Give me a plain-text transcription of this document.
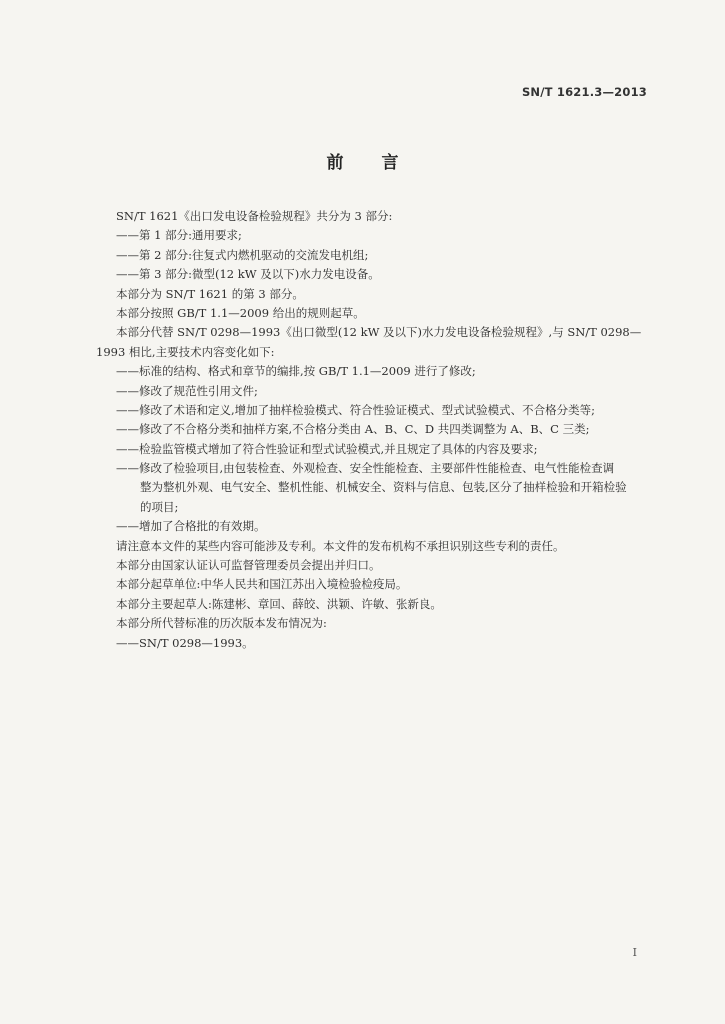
SN/T 1621.3—2013
前言
SN/T 1621《出口发电设备检验规程》共分为 3 部分:
——第 1 部分:通用要求;
——第 2 部分:往复式内燃机驱动的交流发电机组;
——第 3 部分:微型(12 kW 及以下)水力发电设备。
本部分为 SN/T 1621 的第 3 部分。
本部分按照 GB/T 1.1—2009 给出的规则起草。
本部分代替 SN/T 0298—1993《出口微型(12 kW 及以下)水力发电设备检验规程》,与 SN/T 0298—
1993 相比,主要技术内容变化如下:
——标准的结构、格式和章节的编排,按 GB/T 1.1—2009 进行了修改;
——修改了规范性引用文件;
——修改了术语和定义,增加了抽样检验模式、符合性验证模式、型式试验模式、不合格分类等;
——修改了不合格分类和抽样方案,不合格分类由 A、B、C、D 共四类调整为 A、B、C 三类;
——检验监管模式增加了符合性验证和型式试验模式,并且规定了具体的内容及要求;
——修改了检验项目,由包装检查、外观检查、安全性能检查、主要部件性能检查、电气性能检查调
整为整机外观、电气安全、整机性能、机械安全、资料与信息、包装,区分了抽样检验和开箱检验
的项目;
——增加了合格批的有效期。
请注意本文件的某些内容可能涉及专利。本文件的发布机构不承担识别这些专利的责任。
本部分由国家认证认可监督管理委员会提出并归口。
本部分起草单位:中华人民共和国江苏出入境检验检疫局。
本部分主要起草人:陈建彬、章回、薛皎、洪颖、许敏、张新良。
本部分所代替标准的历次版本发布情况为:
——SN/T 0298—1993。
I
